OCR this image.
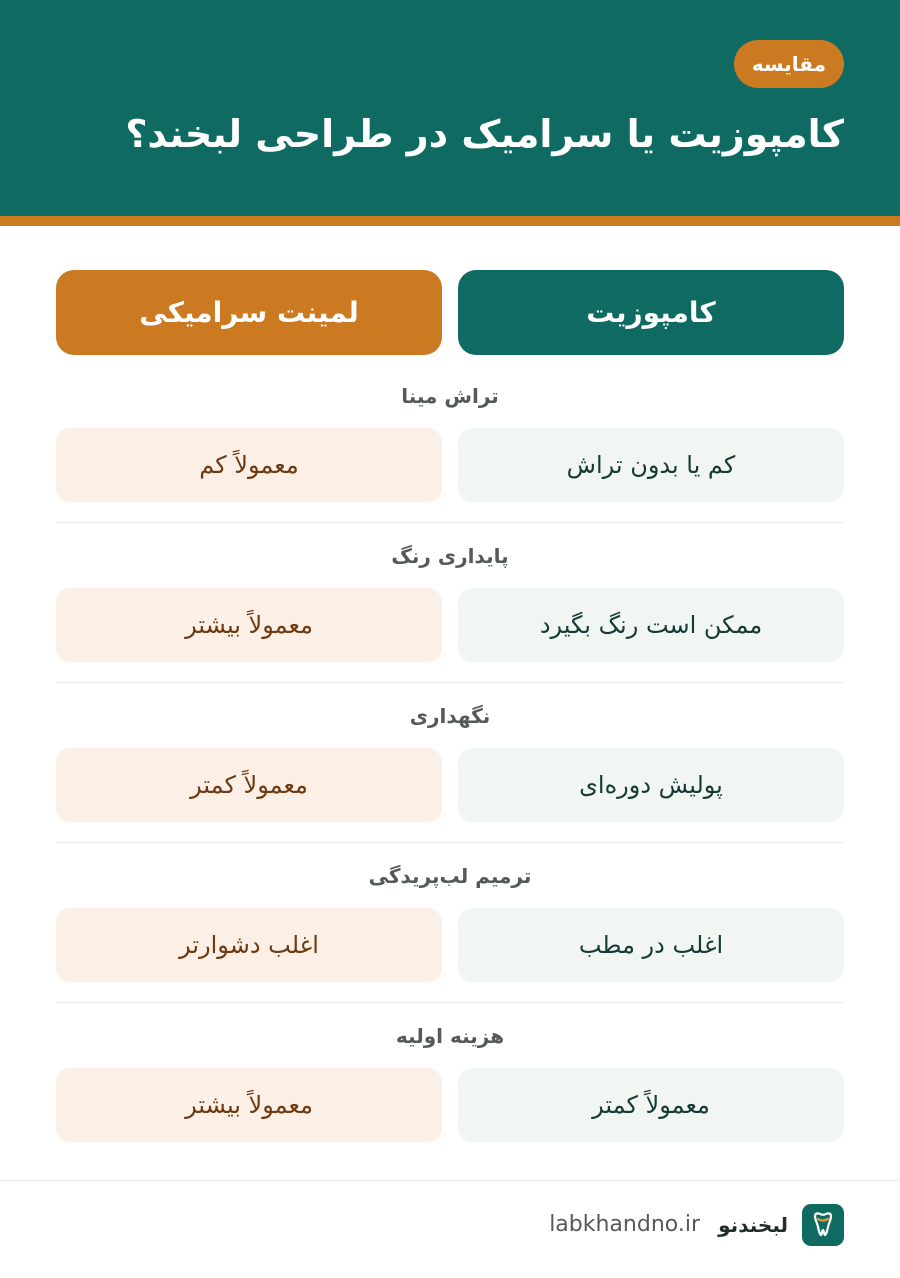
مقایسه
کامپوزیت یا سرامیک در طراحی لبخند؟
لمینت سرامیکی	کامپوزیت
تراش مینا
معمولاً کم	کم یا بدون تراش
پایداری رنگ
معمولاً بیشتر	ممکن است رنگ بگیرد
نگهداری
معمولاً کمتر	پولیش دوره‌ای
ترمیم لب‌پریدگی
اغلب دشوارتر	اغلب در مطب
هزینه اولیه
معمولاً بیشتر	معمولاً کمتر
لبخندنو
labkhandno.ir
